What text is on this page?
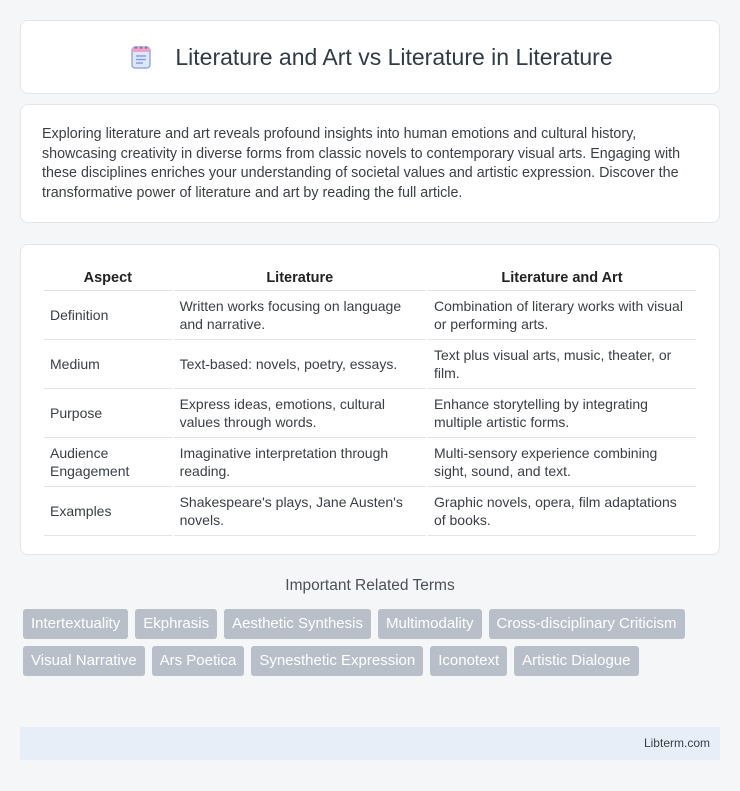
Literature and Art vs Literature in Literature

Exploring literature and art reveals profound insights into human emotions and cultural history, showcasing creativity in diverse forms from classic novels to contemporary visual arts. Engaging with these disciplines enriches your understanding of societal values and artistic expression. Discover the transformative power of literature and art by reading the full article.

Aspect	Literature	Literature and Art
Definition	Written works focusing on language and narrative.	Combination of literary works with visual or performing arts.
Medium	Text-based: novels, poetry, essays.	Text plus visual arts, music, theater, or film.
Purpose	Express ideas, emotions, cultural values through words.	Enhance storytelling by integrating multiple artistic forms.
Audience Engagement	Imaginative interpretation through reading.	Multi-sensory experience combining sight, sound, and text.
Examples	Shakespeare's plays, Jane Austen's novels.	Graphic novels, opera, film adaptations of books.
Important Related Terms
Intertextuality	Ekphrasis	Aesthetic Synthesis	Multimodality	Cross-disciplinary Criticism
Visual Narrative	Ars Poetica	Synesthetic Expression	Iconotext	Artistic Dialogue
Libterm.com
